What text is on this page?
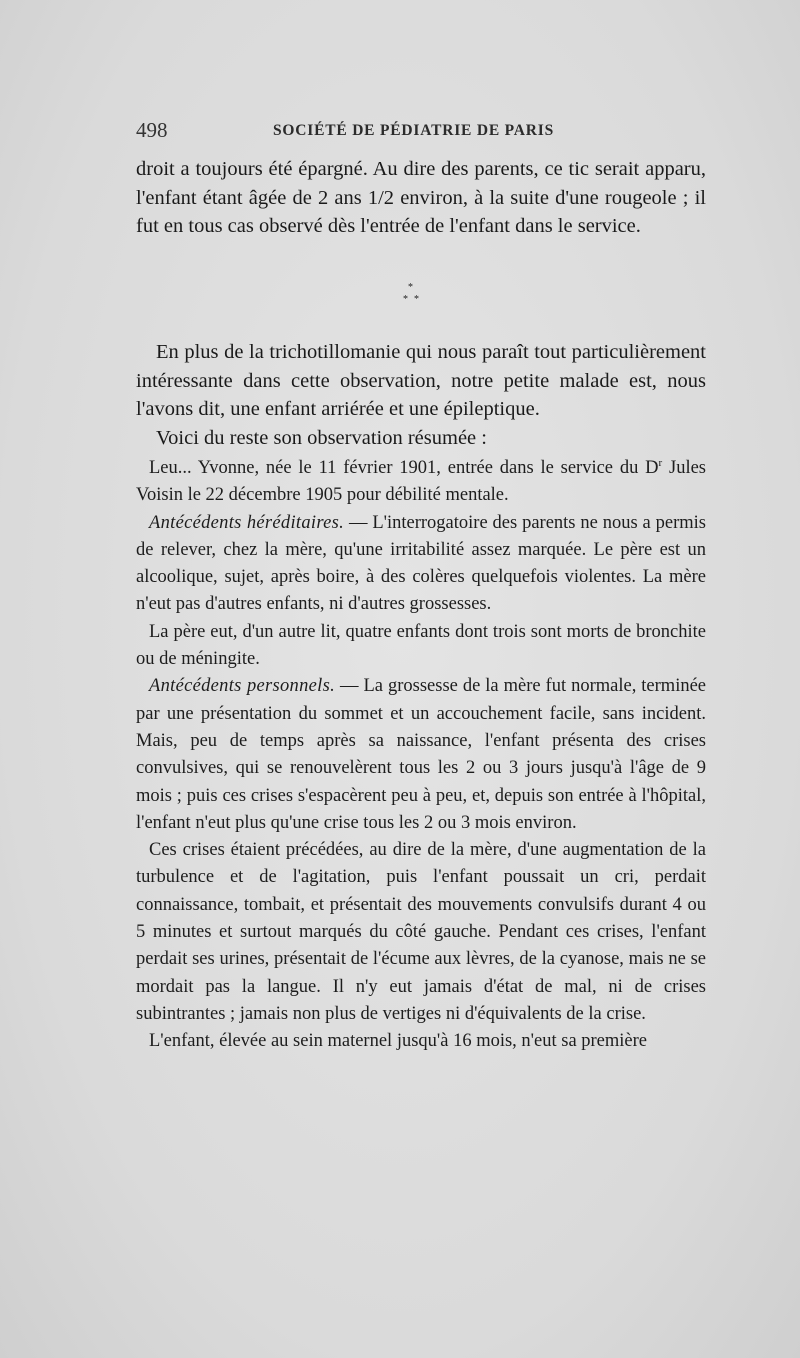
498	SOCIÉTÉ DE PÉDIATRIE DE PARIS

droit a toujours été épargné. Au dire des parents, ce tic serait apparu, l'enfant étant âgée de 2 ans 1/2 environ, à la suite d'une rougeole ; il fut en tous cas observé dès l'entrée de l'enfant dans le service.

*
* *

En plus de la trichotillomanie qui nous paraît tout particulièrement intéressante dans cette observation, notre petite malade est, nous l'avons dit, une enfant arriérée et une épileptique.

Voici du reste son observation résumée :

Leu... Yvonne, née le 11 février 1901, entrée dans le service du $D^r$ Jules Voisin le 22 décembre 1905 pour débilité mentale.

Antécédents héréditaires. — L'interrogatoire des parents ne nous a permis de relever, chez la mère, qu'une irritabilité assez marquée. Le père est un alcoolique, sujet, après boire, à des colères quelquefois violentes. La mère n'eut pas d'autres enfants, ni d'autres grossesses.

La père eut, d'un autre lit, quatre enfants dont trois sont morts de bronchite ou de méningite.

Antécédents personnels. — La grossesse de la mère fut normale, terminée par une présentation du sommet et un accouchement facile, sans incident. Mais, peu de temps après sa naissance, l'enfant présenta des crises convulsives, qui se renouvelèrent tous les 2 ou 3 jours jusqu'à l'âge de 9 mois ; puis ces crises s'espacèrent peu à peu, et, depuis son entrée à l'hôpital, l'enfant n'eut plus qu'une crise tous les 2 ou 3 mois environ.

Ces crises étaient précédées, au dire de la mère, d'une augmentation de la turbulence et de l'agitation, puis l'enfant poussait un cri, perdait connaissance, tombait, et présentait des mouvements convulsifs durant 4 ou 5 minutes et surtout marqués du côté gauche. Pendant ces crises, l'enfant perdait ses urines, présentait de l'écume aux lèvres, de la cyanose, mais ne se mordait pas la langue. Il n'y eut jamais d'état de mal, ni de crises subintrantes ; jamais non plus de vertiges ni d'équivalents de la crise.

L'enfant, élevée au sein maternel jusqu'à 16 mois, n'eut sa première
